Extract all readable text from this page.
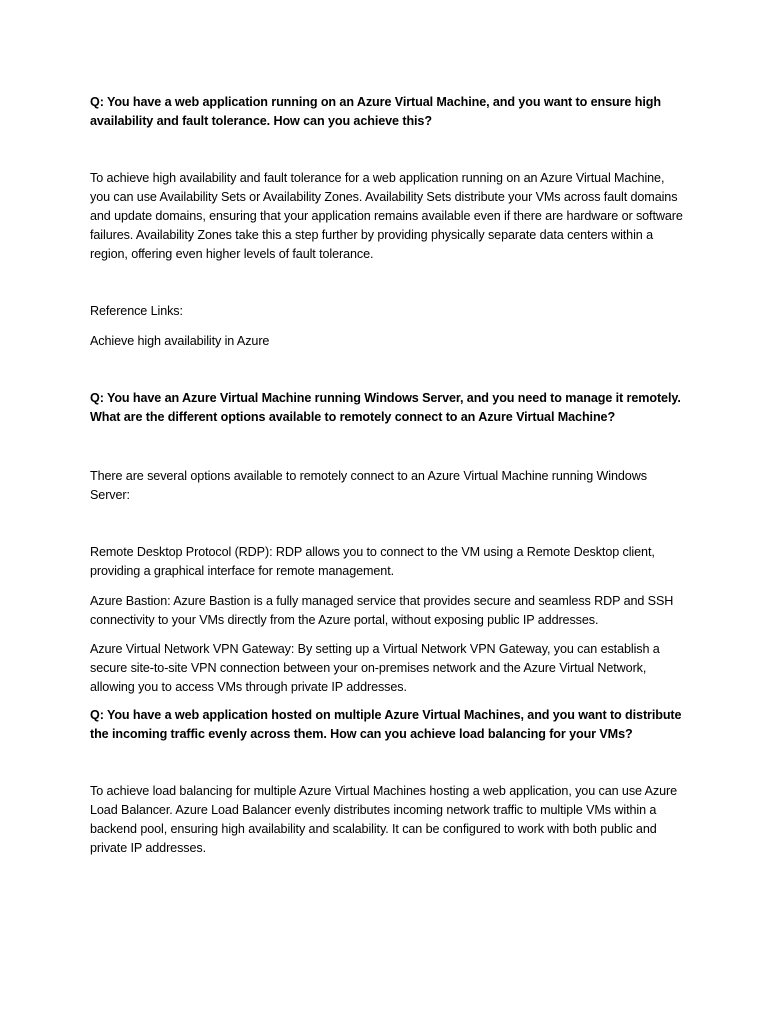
Q: You have a web application running on an Azure Virtual Machine, and you want to ensure high availability and fault tolerance. How can you achieve this?

To achieve high availability and fault tolerance for a web application running on an Azure Virtual Machine, you can use Availability Sets or Availability Zones. Availability Sets distribute your VMs across fault domains and update domains, ensuring that your application remains available even if there are hardware or software failures. Availability Zones take this a step further by providing physically separate data centers within a region, offering even higher levels of fault tolerance.

Reference Links:

Achieve high availability in Azure

Q: You have an Azure Virtual Machine running Windows Server, and you need to manage it remotely. What are the different options available to remotely connect to an Azure Virtual Machine?

There are several options available to remotely connect to an Azure Virtual Machine running Windows Server:

Remote Desktop Protocol (RDP): RDP allows you to connect to the VM using a Remote Desktop client, providing a graphical interface for remote management.

Azure Bastion: Azure Bastion is a fully managed service that provides secure and seamless RDP and SSH connectivity to your VMs directly from the Azure portal, without exposing public IP addresses.

Azure Virtual Network VPN Gateway: By setting up a Virtual Network VPN Gateway, you can establish a secure site-to-site VPN connection between your on-premises network and the Azure Virtual Network, allowing you to access VMs through private IP addresses.

Q: You have a web application hosted on multiple Azure Virtual Machines, and you want to distribute the incoming traffic evenly across them. How can you achieve load balancing for your VMs?

To achieve load balancing for multiple Azure Virtual Machines hosting a web application, you can use Azure Load Balancer. Azure Load Balancer evenly distributes incoming network traffic to multiple VMs within a backend pool, ensuring high availability and scalability. It can be configured to work with both public and private IP addresses.
